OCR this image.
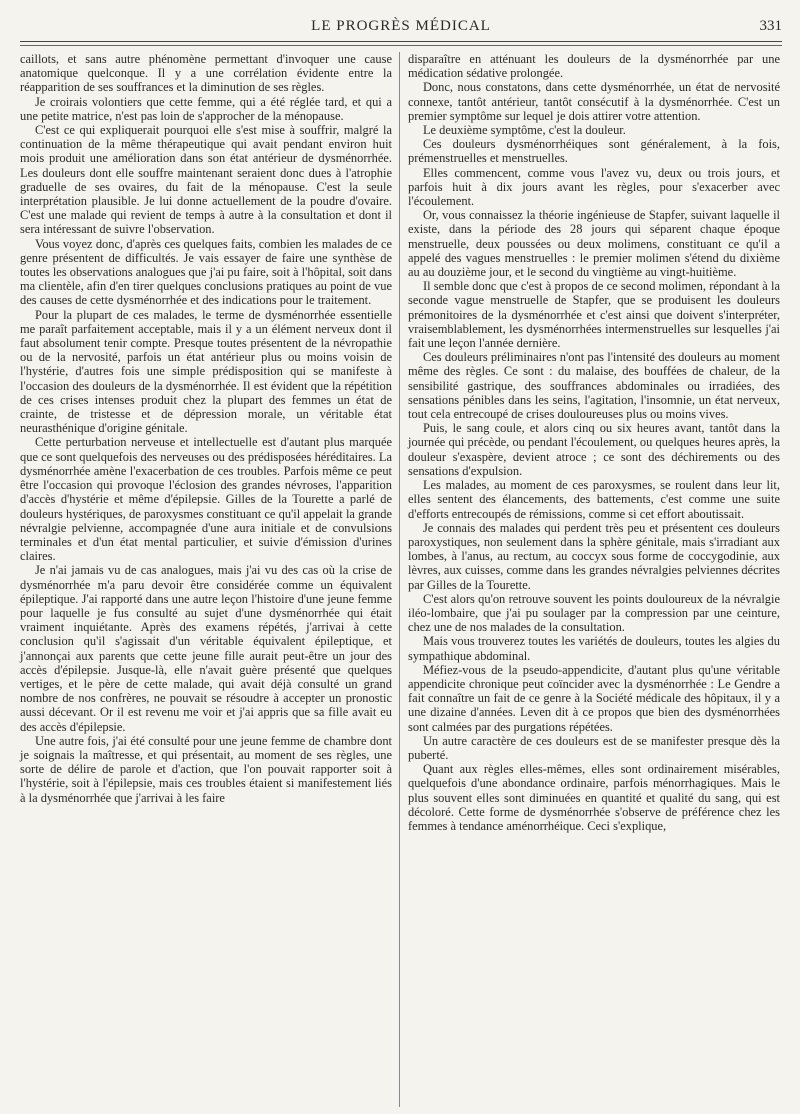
LE PROGRÈS MÉDICAL	331

caillots, et sans autre phénomène permettant d'invoquer une cause anatomique quelconque. Il y a une corrélation évidente entre la réapparition de ses souffrances et la diminution de ses règles.

Je croirais volontiers que cette femme, qui a été réglée tard, et qui a une petite matrice, n'est pas loin de s'approcher de la ménopause.

C'est ce qui expliquerait pourquoi elle s'est mise à souffrir, malgré la continuation de la même thérapeutique qui avait pendant environ huit mois produit une amélioration dans son état antérieur de dysménorrhée. Les douleurs dont elle souffre maintenant seraient donc dues à l'atrophie graduelle de ses ovaires, du fait de la ménopause. C'est la seule interprétation plausible. Je lui donne actuellement de la poudre d'ovaire. C'est une malade qui revient de temps à autre à la consultation et dont il sera intéressant de suivre l'observation.

Vous voyez donc, d'après ces quelques faits, combien les malades de ce genre présentent de difficultés. Je vais essayer de faire une synthèse de toutes les observations analogues que j'ai pu faire, soit à l'hôpital, soit dans ma clientèle, afin d'en tirer quelques conclusions pratiques au point de vue des causes de cette dysménorrhée et des indications pour le traitement.

Pour la plupart de ces malades, le terme de dysménorrhée essentielle me paraît parfaitement acceptable, mais il y a un élément nerveux dont il faut absolument tenir compte. Presque toutes présentent de la névropathie ou de la nervosité, parfois un état antérieur plus ou moins voisin de l'hystérie, d'autres fois une simple prédisposition qui se manifeste à l'occasion des douleurs de la dysménorrhée. Il est évident que la répétition de ces crises intenses produit chez la plupart des femmes un état de crainte, de tristesse et de dépression morale, un véritable état neurasthénique d'origine génitale.

Cette perturbation nerveuse et intellectuelle est d'autant plus marquée que ce sont quelquefois des nerveuses ou des prédisposées héréditaires. La dysménorrhée amène l'exacerbation de ces troubles. Parfois même ce peut être l'occasion qui provoque l'éclosion des grandes névroses, l'apparition d'accès d'hystérie et même d'épilepsie. Gilles de la Tourette a parlé de douleurs hystériques, de paroxysmes constituant ce qu'il appelait la grande névralgie pelvienne, accompagnée d'une aura initiale et de convulsions terminales et d'un état mental particulier, et suivie d'émission d'urines claires.

Je n'ai jamais vu de cas analogues, mais j'ai vu des cas où la crise de dysménorrhée m'a paru devoir être considérée comme un équivalent épileptique. J'ai rapporté dans une autre leçon l'histoire d'une jeune femme pour laquelle je fus consulté au sujet d'une dysménorrhée qui était vraiment inquiétante. Après des examens répétés, j'arrivai à cette conclusion qu'il s'agissait d'un véritable équivalent épileptique, et j'annonçai aux parents que cette jeune fille aurait peut-être un jour des accès d'épilepsie. Jusque-là, elle n'avait guère présenté que quelques vertiges, et le père de cette malade, qui avait déjà consulté un grand nombre de nos confrères, ne pouvait se résoudre à accepter un pronostic aussi décevant. Or il est revenu me voir et j'ai appris que sa fille avait eu des accès d'épilepsie.

Une autre fois, j'ai été consulté pour une jeune femme de chambre dont je soignais la maîtresse, et qui présentait, au moment de ses règles, une sorte de délire de parole et d'action, que l'on pouvait rapporter soit à l'hystérie, soit à l'épilepsie, mais ces troubles étaient si manifestement liés à la dysménorrhée que j'arrivai à les faire

disparaître en atténuant les douleurs de la dysménorrhée par une médication sédative prolongée.

Donc, nous constatons, dans cette dysménorrhée, un état de nervosité connexe, tantôt antérieur, tantôt consécutif à la dysménorrhée. C'est un premier symptôme sur lequel je dois attirer votre attention.

Le deuxième symptôme, c'est la douleur.

Ces douleurs dysménorrhéiques sont généralement, à la fois, prémenstruelles et menstruelles.

Elles commencent, comme vous l'avez vu, deux ou trois jours, et parfois huit à dix jours avant les règles, pour s'exacerber avec l'écoulement.

Or, vous connaissez la théorie ingénieuse de Stapfer, suivant laquelle il existe, dans la période des 28 jours qui séparent chaque époque menstruelle, deux poussées ou deux molimens, constituant ce qu'il a appelé des vagues menstruelles : le premier molimen s'étend du dixième au au douzième jour, et le second du vingtième au vingt-huitième.

Il semble donc que c'est à propos de ce second molimen, répondant à la seconde vague menstruelle de Stapfer, que se produisent les douleurs prémonitoires de la dysménorrhée et c'est ainsi que doivent s'interpréter, vraisemblablement, les dysménorrhées intermenstruelles sur lesquelles j'ai fait une leçon l'année dernière.

Ces douleurs préliminaires n'ont pas l'intensité des douleurs au moment même des règles. Ce sont : du malaise, des bouffées de chaleur, de la sensibilité gastrique, des souffrances abdominales ou irradiées, des sensations pénibles dans les seins, l'agitation, l'insomnie, un état nerveux, tout cela entrecoupé de crises douloureuses plus ou moins vives.

Puis, le sang coule, et alors cinq ou six heures avant, tantôt dans la journée qui précède, ou pendant l'écoulement, ou quelques heures après, la douleur s'exaspère, devient atroce ; ce sont des déchirements ou des sensations d'expulsion.

Les malades, au moment de ces paroxysmes, se roulent dans leur lit, elles sentent des élancements, des battements, c'est comme une suite d'efforts entrecoupés de rémissions, comme si cet effort aboutissait.

Je connais des malades qui perdent très peu et présentent ces douleurs paroxystiques, non seulement dans la sphère génitale, mais s'irradiant aux lombes, à l'anus, au rectum, au coccyx sous forme de coccygodinie, aux lèvres, aux cuisses, comme dans les grandes névralgies pelviennes décrites par Gilles de la Tourette.

C'est alors qu'on retrouve souvent les points douloureux de la névralgie iléo-lombaire, que j'ai pu soulager par la compression par une ceinture, chez une de nos malades de la consultation.

Mais vous trouverez toutes les variétés de douleurs, toutes les algies du sympathique abdominal.

Méfiez-vous de la pseudo-appendicite, d'autant plus qu'une véritable appendicite chronique peut coïncider avec la dysménorrhée : Le Gendre a fait connaître un fait de ce genre à la Société médicale des hôpitaux, il y a une dizaine d'années. Leven dit à ce propos que bien des dysménorrhées sont calmées par des purgations répétées.

Un autre caractère de ces douleurs est de se manifester presque dès la puberté.

Quant aux règles elles-mêmes, elles sont ordinairement misérables, quelquefois d'une abondance ordinaire, parfois ménorrhagiques. Mais le plus souvent elles sont diminuées en quantité et qualité du sang, qui est décoloré. Cette forme de dysménorrhée s'observe de préférence chez les femmes à tendance aménorrhéique. Ceci s'explique,
